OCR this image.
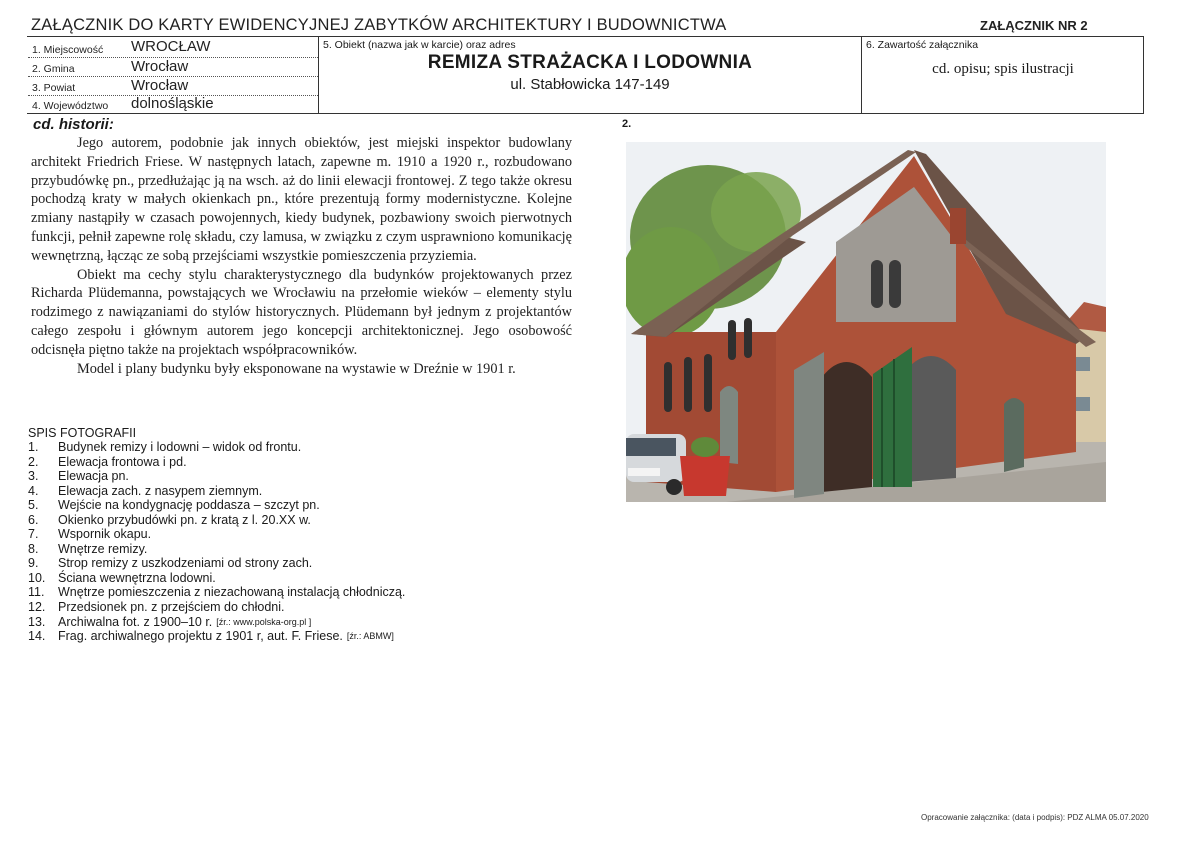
ZAŁĄCZNIK DO KARTY EWIDENCYJNEJ ZABYTKÓW ARCHITEKTURY I BUDOWNICTWA	ZAŁĄCZNIK NR 2
1. Miejscowość WROCŁAW
2. Gmina	Wrocław
3. Powiat	Wrocław
4. Województwo dolnośląskie
5. Obiekt (nazwa jak w karcie) oraz adres
REMIZA STRAŻACKA I LODOWNIA
ul. Stabłowicka 147-149
6. Zawartość załącznika
cd. opisu; spis ilustracji
cd. historii:

Jego autorem, podobnie jak innych obiektów, jest miejski inspektor budowlany architekt Friedrich Friese. W następnych latach, zapewne m. 1910 a 1920 r., rozbudowano przybudówkę pn., przedłużając ją na wsch. aż do linii elewacji frontowej. Z tego także okresu pochodzą kraty w małych okienkach pn., które prezentują formy modernistyczne. Kolejne zmiany nastąpiły w czasach powojennych, kiedy budynek, pozbawiony swoich pierwotnych funkcji, pełnił zapewne rolę składu, czy lamusa, w związku z czym usprawniono komunikację wewnętrzną, łącząc ze sobą przejściami wszystkie pomieszczenia przyziemia.

Obiekt ma cechy stylu charakterystycznego dla budynków projektowanych przez Richarda Plüdemanna, powstających we Wrocławiu na przełomie wieków – elementy stylu rodzimego z nawiązaniami do stylów historycznych. Plüdemann był jednym z projektantów całego zespołu i głównym autorem jego koncepcji architektonicznej. Jego osobowość odcisnęła piętno także na projektach współpracowników.

Model i plany budynku były eksponowane na wystawie w Dreźnie w 1901 r.

2.
SPIS FOTOGRAFII
1.	Budynek remizy i lodowni – widok od frontu.
2.	Elewacja frontowa i pd.
3.	Elewacja pn.
4.	Elewacja zach. z nasypem ziemnym.
5.	Wejście na kondygnację poddasza – szczyt pn.
6.	Okienko przybudówki pn. z kratą z l. 20.XX w.
7.	Wspornik okapu.
8.	Wnętrze remizy.
9.	Strop remizy z uszkodzeniami od strony zach.
10.	Ściana wewnętrzna lodowni.
11.	Wnętrze pomieszczenia z niezachowaną instalacją chłodniczą.
12.	Przedsionek pn. z przejściem do chłodni.
13.	Archiwalna fot. z 1900–10 r. [źr.: www.polska-org.pl ]
14.	Frag. archiwalnego projektu z 1901 r, aut. F. Friese. [źr.: ABMW]
Opracowanie załącznika: (data i podpis): PDZ ALMA 05.07.2020
